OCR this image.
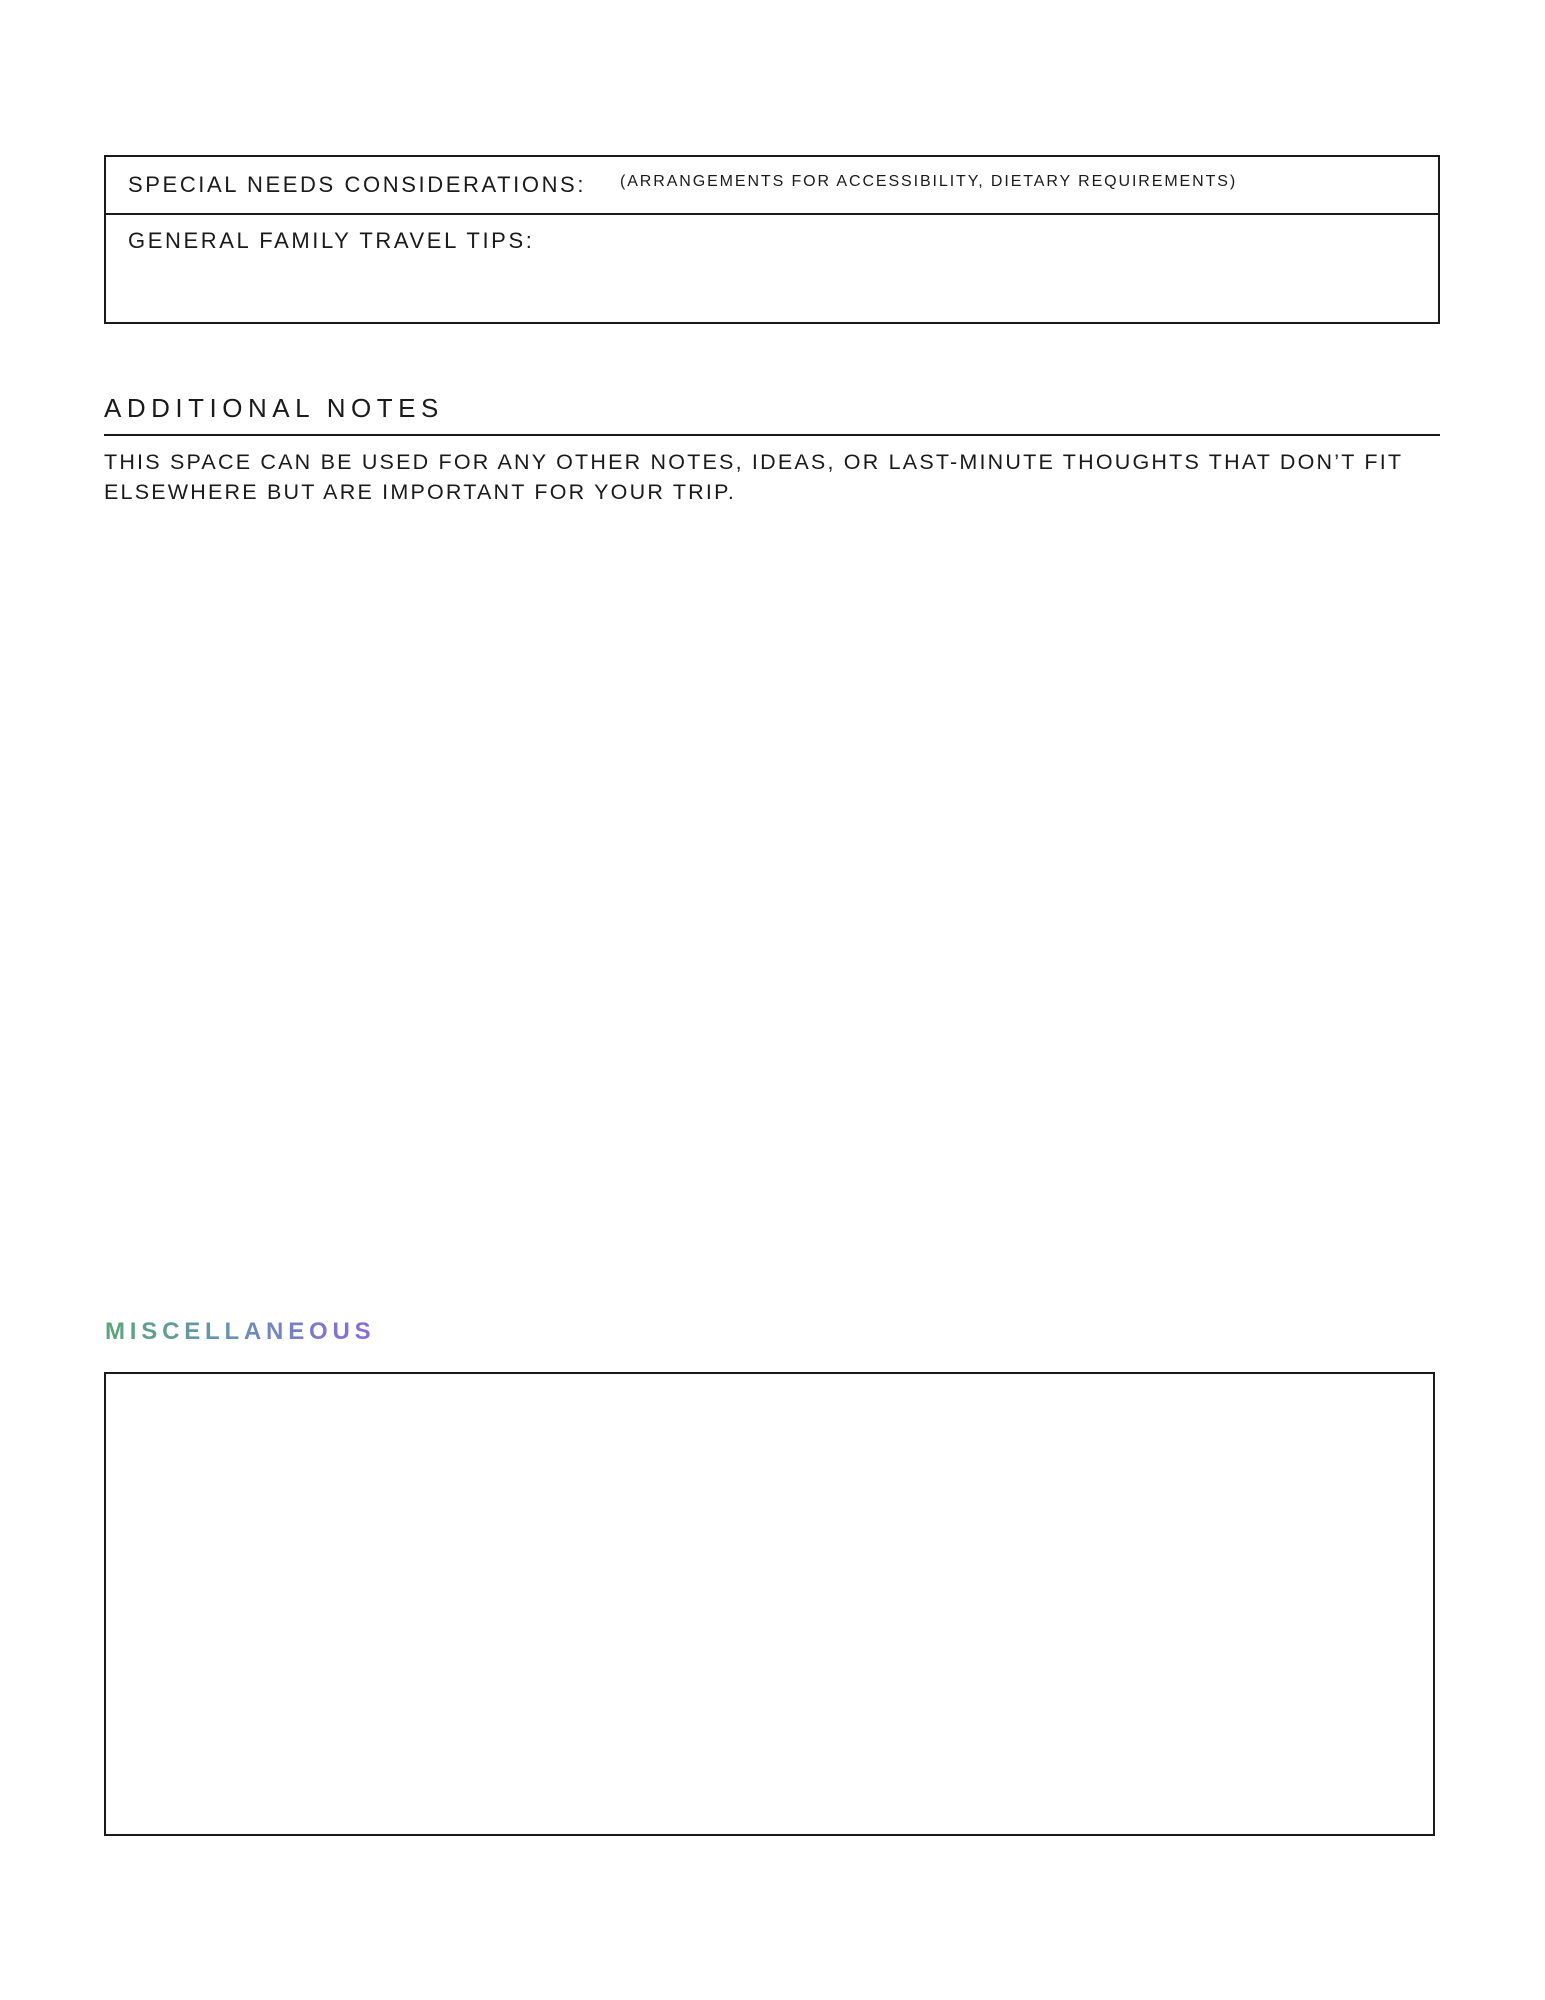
SPECIAL NEEDS CONSIDERATIONS: (ARRANGEMENTS FOR ACCESSIBILITY, DIETARY REQUIREMENTS)
GENERAL FAMILY TRAVEL TIPS:
ADDITIONAL NOTES
THIS SPACE CAN BE USED FOR ANY OTHER NOTES, IDEAS, OR LAST-MINUTE THOUGHTS THAT DON’T FIT ELSEWHERE BUT ARE IMPORTANT FOR YOUR TRIP.
MISCELLANEOUS
